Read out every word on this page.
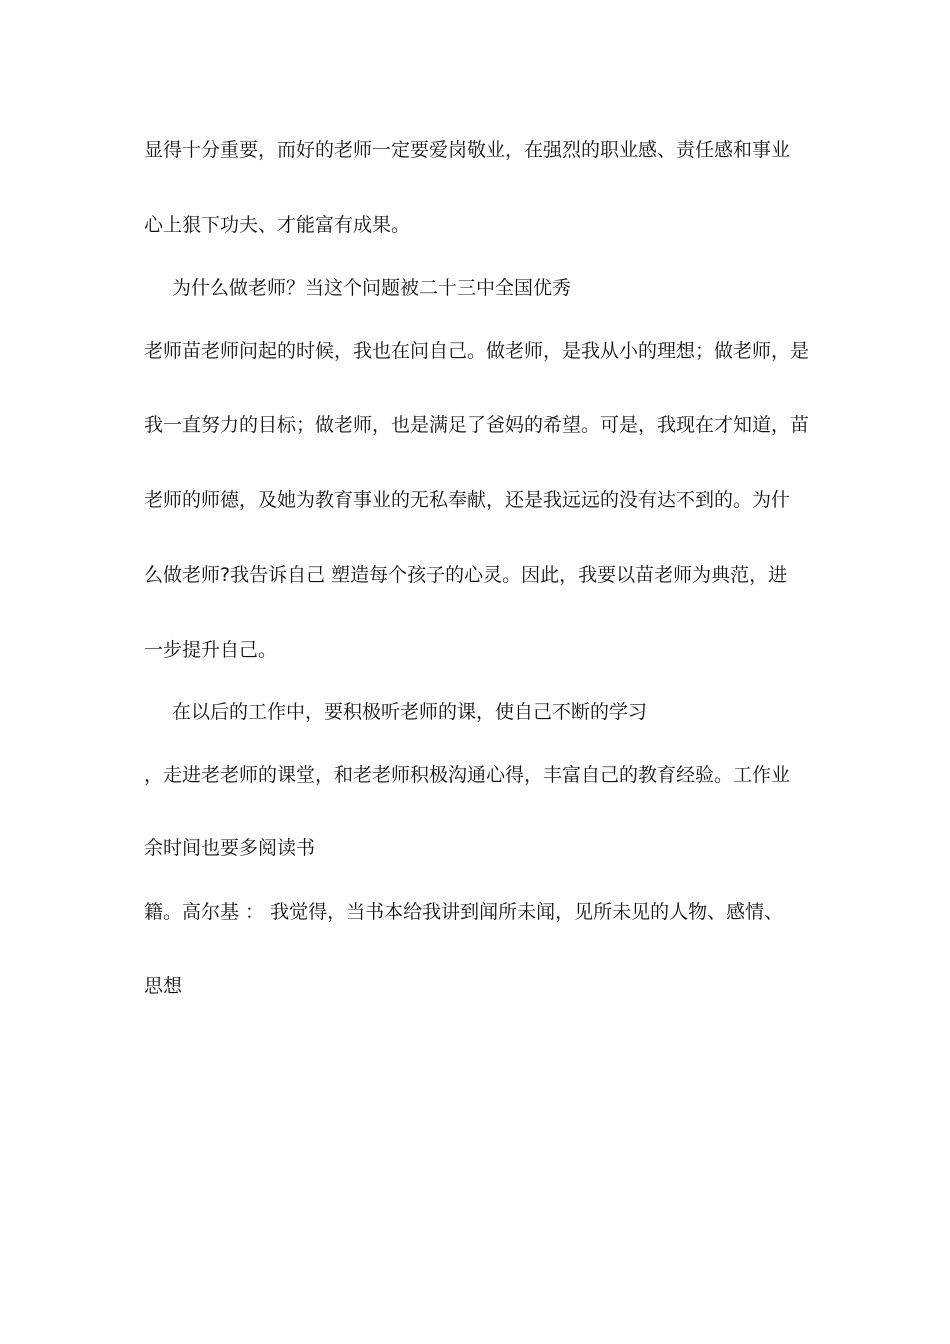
显得十分重要，而好的老师一定要爱岗敬业，在强烈的职业感、责任感和事业
心上狠下功夫、才能富有成果。
为什么做老师？当这个问题被二十三中全国优秀
老师苗老师问起的时候，我也在问自己。做老师，是我从小的理想；做老师，是
我一直努力的目标；做老师，也是满足了爸妈的希望。可是，我现在才知道，苗
老师的师德，及她为教育事业的无私奉献，还是我远远的没有达不到的。为什
么做老师?我告诉自己 塑造每个孩子的心灵。因此，我要以苗老师为典范，进
一步提升自己。
在以后的工作中，要积极听老师的课，使自己不断的学习
，走进老老师的课堂，和老老师积极沟通心得，丰富自己的教育经验。工作业
余时间也要多阅读书
籍。高尔基 ： 我觉得，当书本给我讲到闻所未闻，见所未见的人物、感情、
思想
